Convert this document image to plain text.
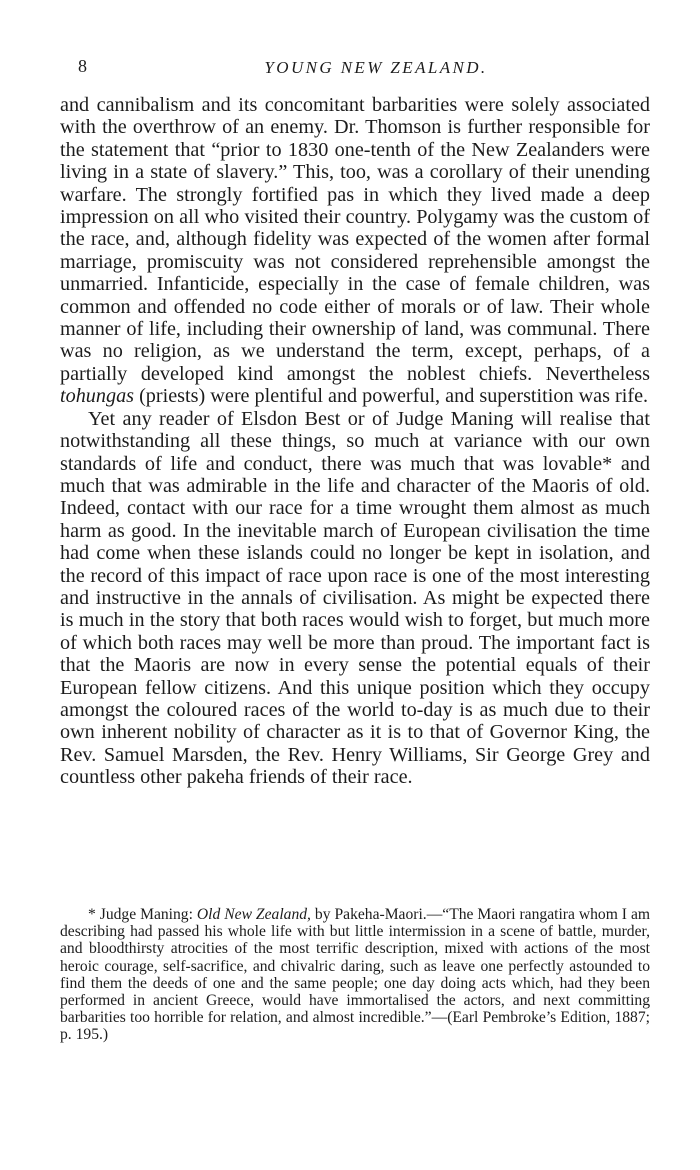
8	YOUNG NEW ZEALAND.

and cannibalism and its concomitant barbarities were solely associated with the overthrow of an enemy. Dr. Thomson is further responsible for the statement that “prior to 1830 one-tenth of the New Zealanders were living in a state of slavery.” This, too, was a corollary of their unending warfare. The strongly fortified pas in which they lived made a deep impression on all who visited their country. Polygamy was the custom of the race, and, although fidelity was expected of the women after formal marriage, promiscuity was not considered reprehensible amongst the unmarried. Infanticide, especially in the case of female children, was common and offended no code either of morals or of law. Their whole manner of life, including their ownership of land, was communal. There was no religion, as we understand the term, except, perhaps, of a partially developed kind amongst the noblest chiefs. Nevertheless tohungas (priests) were plentiful and powerful, and superstition was rife.

Yet any reader of Elsdon Best or of Judge Maning will realise that notwithstanding all these things, so much at variance with our own standards of life and conduct, there was much that was lovable* and much that was admirable in the life and character of the Maoris of old. Indeed, contact with our race for a time wrought them almost as much harm as good. In the inevitable march of European civilisation the time had come when these islands could no longer be kept in isolation, and the record of this impact of race upon race is one of the most interesting and instructive in the annals of civilisation. As might be expected there is much in the story that both races would wish to forget, but much more of which both races may well be more than proud. The important fact is that the Maoris are now in every sense the potential equals of their European fellow citizens. And this unique position which they occupy amongst the coloured races of the world to-day is as much due to their own inherent nobility of character as it is to that of Governor King, the Rev. Samuel Marsden, the Rev. Henry Williams, Sir George Grey and countless other pakeha friends of their race.

* Judge Maning: Old New Zealand, by Pakeha-Maori.—“The Maori rangatira whom I am describing had passed his whole life with but little intermission in a scene of battle, murder, and bloodthirsty atrocities of the most terrific description, mixed with actions of the most heroic courage, self-sacrifice, and chivalric daring, such as leave one perfectly astounded to find them the deeds of one and the same people; one day doing acts which, had they been performed in ancient Greece, would have immortalised the actors, and next committing barbarities too horrible for relation, and almost incredible.”—(Earl Pembroke’s Edition, 1887; p. 195.)
